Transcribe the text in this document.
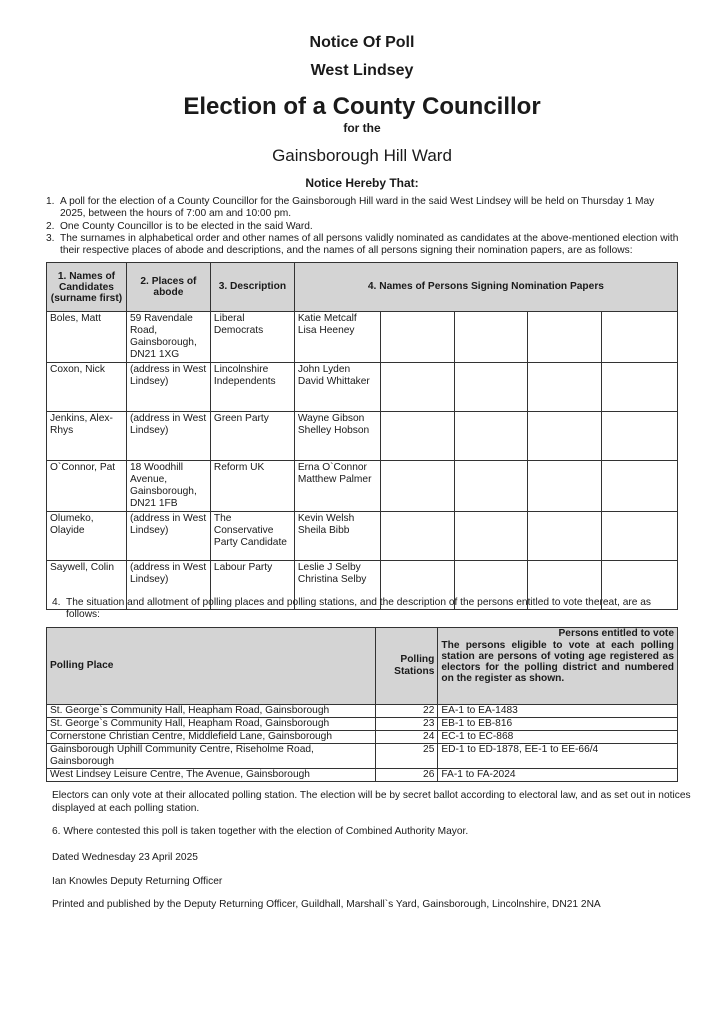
Notice Of Poll
West Lindsey
Election of a County Councillor
for the
Gainsborough Hill Ward
Notice Hereby That:
1. A poll for the election of a County Councillor for the Gainsborough Hill ward in the said West Lindsey will be held on Thursday 1 May 2025, between the hours of 7:00 am and 10:00 pm.
2. One County Councillor is to be elected in the said Ward.
3. The surnames in alphabetical order and other names of all persons validly nominated as candidates at the above-mentioned election with their respective places of abode and descriptions, and the names of all persons signing their nomination papers, are as follows:
1. Names of Candidates (surname first)	2. Places of abode	3. Description	4. Names of Persons Signing Nomination Papers				
Boles, Matt	59 Ravendale Road, Gainsborough, DN21 1XG	Liberal Democrats	Katie Metcalf Lisa Heeney				
Coxon, Nick	(address in West Lindsey)	Lincolnshire Independents	John Lyden David Whittaker				
Jenkins, Alex-Rhys	(address in West Lindsey)	Green Party	Wayne Gibson Shelley Hobson				
O`Connor, Pat	18 Woodhill Avenue, Gainsborough, DN21 1FB	Reform UK	Erna O`Connor Matthew Palmer				
Olumeko, Olayide	(address in West Lindsey)	The Conservative Party Candidate	Kevin Welsh Sheila Bibb				
Saywell, Colin	(address in West Lindsey)	Labour Party	Leslie J Selby Christina Selby				
4. The situation and allotment of polling places and polling stations, and the description of the persons entitled to vote thereat, are as follows:
Polling Place	Polling Stations	Persons entitled to vote
The persons eligible to vote at each polling station are persons of voting age registered as electors for the polling district and numbered on the register as shown.

St. George`s Community Hall, Heapham Road, Gainsborough	22	EA-1 to EA-1483
St. George`s Community Hall, Heapham Road, Gainsborough	23	EB-1 to EB-816
Cornerstone Christian Centre, Middlefield Lane, Gainsborough	24	EC-1 to EC-868
Gainsborough Uphill Community Centre, Riseholme Road, Gainsborough	25	ED-1 to ED-1878, EE-1 to EE-66/4
West Lindsey Leisure Centre, The Avenue, Gainsborough	26	FA-1 to FA-2024
Electors can only vote at their allocated polling station. The election will be by secret ballot according to electoral law, and as set out in notices displayed at each polling station.
6. Where contested this poll is taken together with the election of Combined Authority Mayor.
Dated Wednesday 23 April 2025
Ian Knowles Deputy Returning Officer
Printed and published by the Deputy Returning Officer, Guildhall, Marshall`s Yard, Gainsborough, Lincolnshire, DN21 2NA
